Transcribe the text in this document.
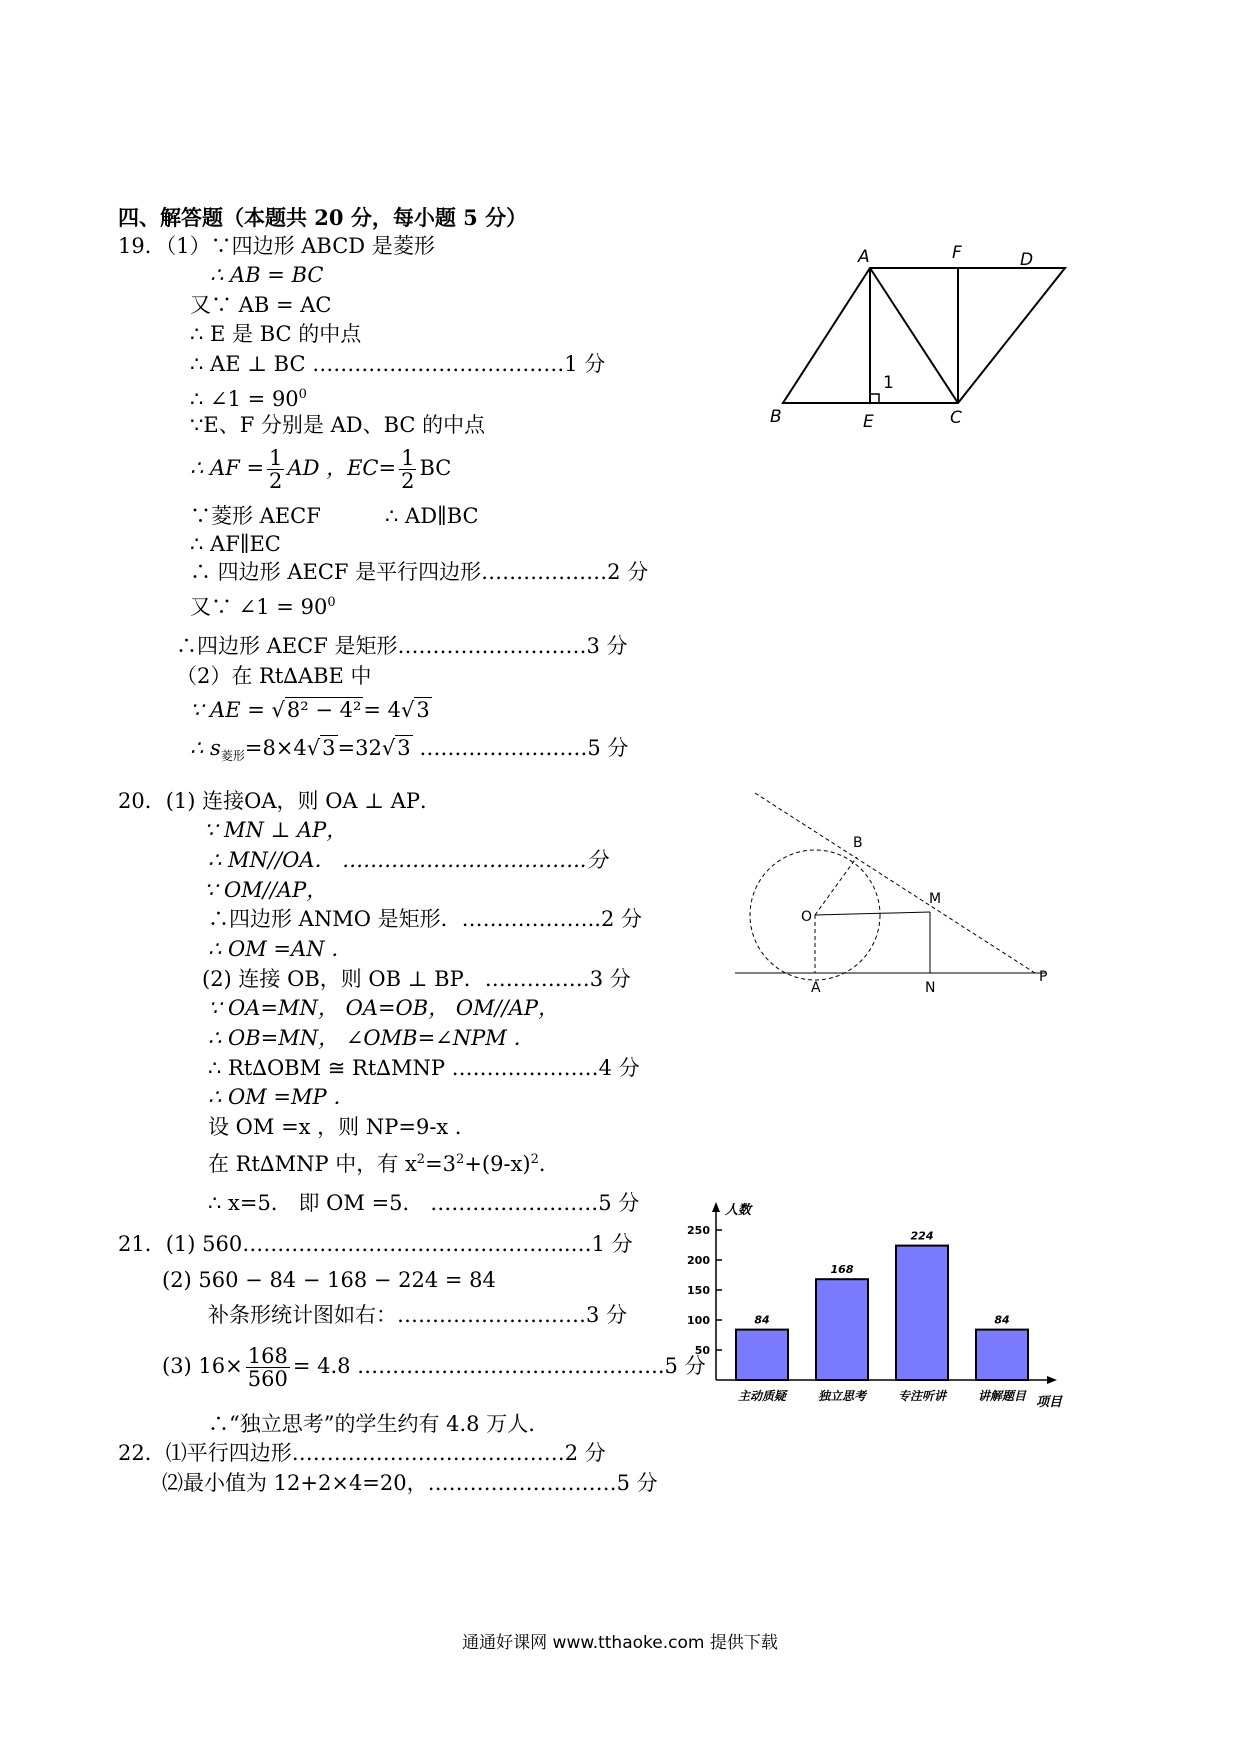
四、解答题（本题共 20 分，每小题 5 分）
19．（1）∵四边形 ABCD 是菱形
∴ AB = BC
又∵ AB = AC
∴ E 是 BC 的中点
∴ AE ⊥ BC ………………………………1 分
∴ ∠1 = $90^0$
∵E、F 分别是 AD、BC 的中点
∴ AF = $\frac{1}{2}$ AD ，$EC= \frac{1}{2}$ BC
∵菱形 AECF	∴ AD∥BC
∴ AF∥EC
∴ 四边形 AECF 是平行四边形………………2 分
又∵ ∠1 = $90^0$
∴四边形 AECF 是矩形………………………3 分
（2）在 Rt∆ABE 中
∵ AE = √8² − 4²= 4√3
∴ $s_{菱形}=8\times 4√3=32√3$ ……………………5 分
A	F
B	E	C
1
D
20．(1) 连接OA，则 OA ⊥ AP．
∵ MN ⊥ AP，
∴ MN//OA． ……………………………..分
∵ OM//AP，
∴四边形 ANMO 是矩形．………………..2 分
∴ OM =AN ．
(2) 连接 OB，则 OB ⊥ BP．……………3 分
∵ OA=MN， OA=OB， OM//AP，
∴ OB=MN， ∠OMB=∠NPM ．
∴ Rt∆OBM ≅ Rt∆MNP …………………4 分
∴ OM =MP ．
设 OM =x ，则 NP=9-x ．
在 Rt∆MNP 中，有 $x^2=3^2+(9-x)^2$．
∴ x=5． 即 OM =5． ……………………5 分
B
M
O
A	N
P
21．(1) 560………………………………………..…1 分
(2) 560 − 84 − 168 − 224 = 84
补条形统计图如右：………………………3 分
(3) $16\times \frac{168}{560} = 4.8$ ……………………………………..5 分
∴“独立思考”的学生约有 4.8 万人.
人数
项目
50
100
150
200
250
84
主动质疑
168
独立思考
224
专注听讲
84
讲解题目
22．⑴平行四边形…………………………………2 分
⑵最小值为 12+2×4=20，………………………5 分
通通好课网 www.tthaoke.com 提供下载
